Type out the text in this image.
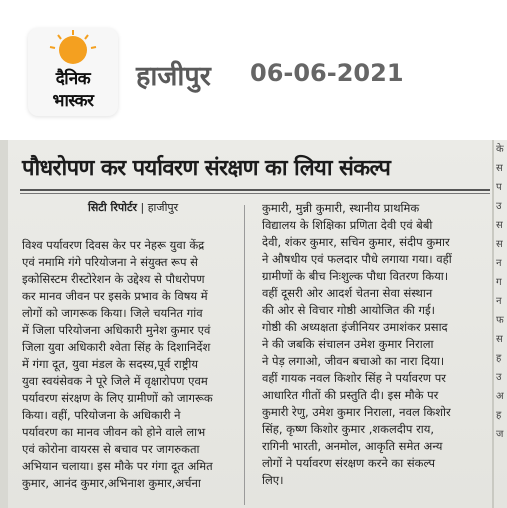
दैनिक
भास्कर
हाजीपुर 06-06-2021
पौधरोपण कर पर्यावरण संरक्षण का लिया संकल्प
सिटी रिपोर्टर | हाजीपुर
विश्व पर्यावरण दिवस केर पर नेहरू युवा केंद्र
एवं नमामि गंगे परियोजना ने संयुक्त रूप से
इकोसिस्टम रीस्टोरेशन के उद्देश्य से पौधरोपण
कर मानव जीवन पर इसके प्रभाव के विषय में
लोगों को जागरूक किया। जिले चयनित गांव
में जिला परियोजना अधिकारी मुनेश कुमार एवं
जिला युवा अधिकारी श्वेता सिंह के दिशानिर्देश
में गंगा दूत, युवा मंडल के सदस्य,पूर्व राष्ट्रीय
युवा स्वयंसेवक ने पूरे जिले में वृक्षारोपण एवम
पर्यावरण संरक्षण के लिए ग्रामीणों को जागरूक
किया। वहीं, परियोजना के अधिकारी ने
पर्यावरण का मानव जीवन को होने वाले लाभ
एवं कोरोना वायरस से बचाव पर जागरुकता
अभियान चलाया। इस मौके पर गंगा दूत अमित
कुमार, आनंद कुमार,अभिनाश कुमार,अर्चना
कुमारी, मुन्नी कुमारी, स्थानीय प्राथमिक
विद्यालय के शिक्षिका प्रणिता देवी एवं बेबी
देवी, शंकर कुमार, सचिन कुमार, संदीप कुमार
ने औषधीय एवं फलदार पौधे लगाया गया। वहीं
ग्रामीणों के बीच निःशुल्क पौधा वितरण किया।
वहीं दूसरी ओर आदर्श चेतना सेवा संस्थान
की ओर से विचार गोष्ठी आयोजित की गई।
गोष्ठी की अध्यक्षता इंजीनियर उमाशंकर प्रसाद
ने की जबकि संचालन उमेश कुमार निराला
ने पेड़ लगाओ, जीवन बचाओ का नारा दिया।
वहीं गायक नवल किशोर सिंह ने पर्यावरण पर
आधारित गीतों की प्रस्तुति दी। इस मौके पर
कुमारी रेणु, उमेश कुमार निराला, नवल किशोर
सिंह, कृष्ण किशोर कुमार ,शकलदीप राय,
रागिनी भारती, अनमोल, आकृति समेत अन्य
लोगों ने पर्यावरण संरक्षण करने का संकल्प
लिए।
के
स
प
उ
स
स
न
ग
न
फ
स
ह
उ
अ
ह
ज
